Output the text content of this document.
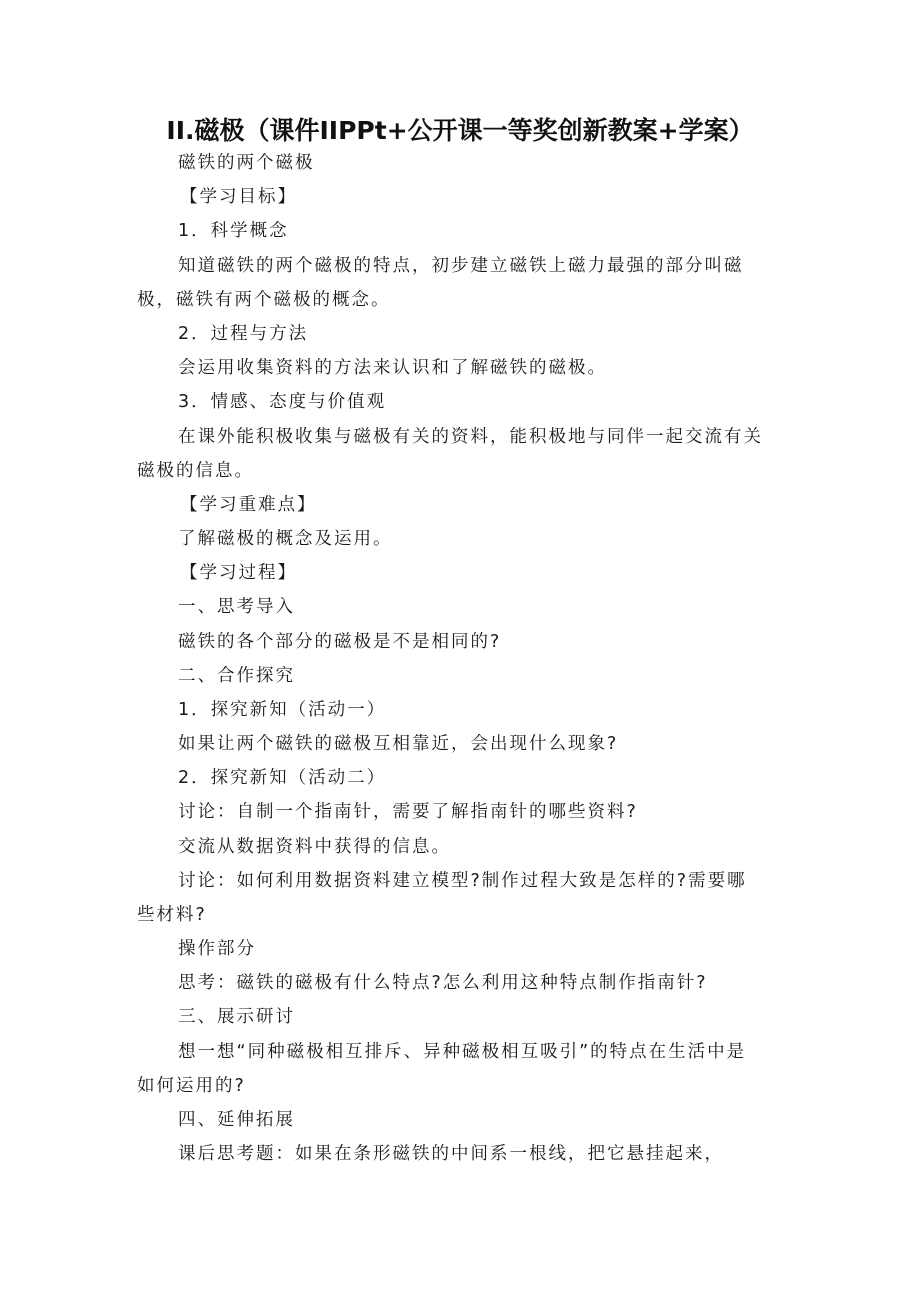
II.磁极（课件IIPPt+公开课一等奖创新教案+学案）
磁铁的两个磁极
【学习目标】
1．科学概念
知道磁铁的两个磁极的特点，初步建立磁铁上磁力最强的部分叫磁
极，磁铁有两个磁极的概念。
2．过程与方法
会运用收集资料的方法来认识和了解磁铁的磁极。
3．情感、态度与价值观
在课外能积极收集与磁极有关的资料，能积极地与同伴一起交流有关
磁极的信息。
【学习重难点】
了解磁极的概念及运用。
【学习过程】
一、思考导入
磁铁的各个部分的磁极是不是相同的?
二、合作探究
1．探究新知（活动一）
如果让两个磁铁的磁极互相靠近，会出现什么现象?
2．探究新知（活动二）
讨论：自制一个指南针，需要了解指南针的哪些资料?
交流从数据资料中获得的信息。
讨论：如何利用数据资料建立模型?制作过程大致是怎样的?需要哪
些材料?
操作部分
思考：磁铁的磁极有什么特点?怎么利用这种特点制作指南针?
三、展示研讨
想一想“同种磁极相互排斥、异种磁极相互吸引”的特点在生活中是
如何运用的?
四、延伸拓展
课后思考题：如果在条形磁铁的中间系一根线，把它悬挂起来，
